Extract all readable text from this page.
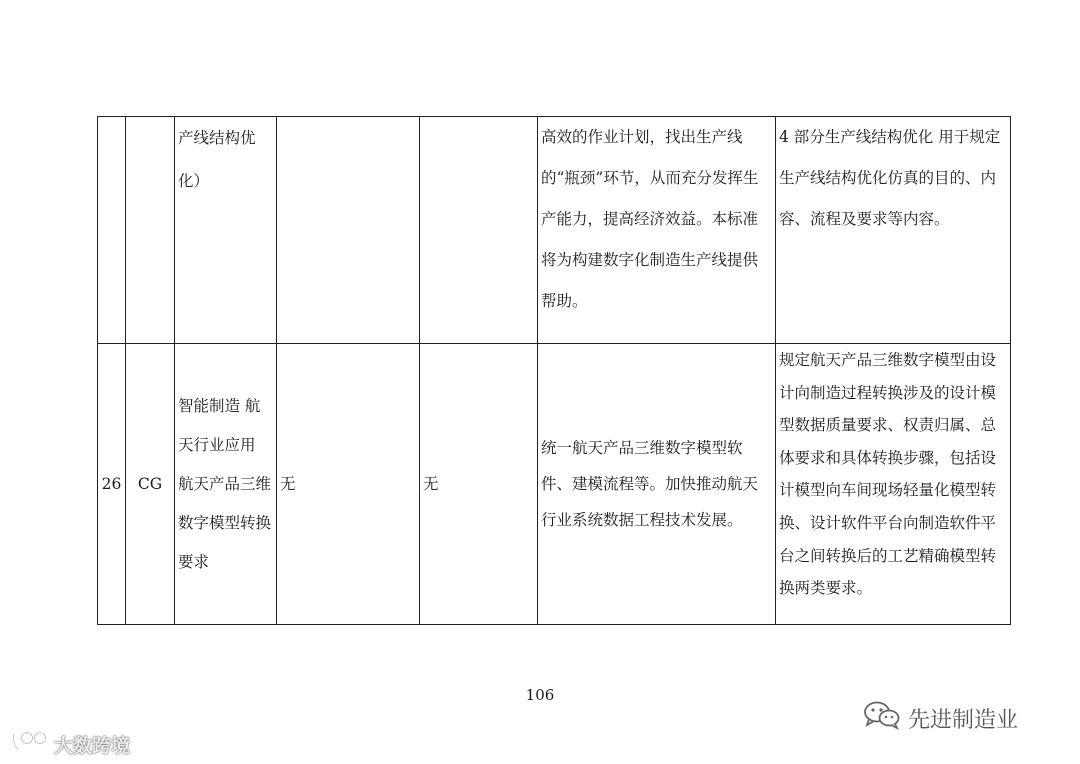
		产线结构优
化）			高效的作业计划，找出生产线的“瓶颈”环节，从而充分发挥生产能力，提高经济效益。本标准将为构建数字化制造生产线提供帮助。	4 部分生产线结构优化 用于规定生产线结构优化仿真的目的、内容、流程及要求等内容。

26	CG	智能制造 航
天行业应用
航天产品三维
数字模型转换
要求	无	无	统一航天产品三维数字模型软件、建模流程等。加快推动航天行业系统数据工程技术发展。	规定航天产品三维数字模型由设计向制造过程转换涉及的设计模型数据质量要求、权责归属、总体要求和具体转换步骤，包括设计模型向车间现场轻量化模型转换、设计软件平台向制造软件平台之间转换后的工艺精确模型转换两类要求。
106
大数跨境
先进制造业
